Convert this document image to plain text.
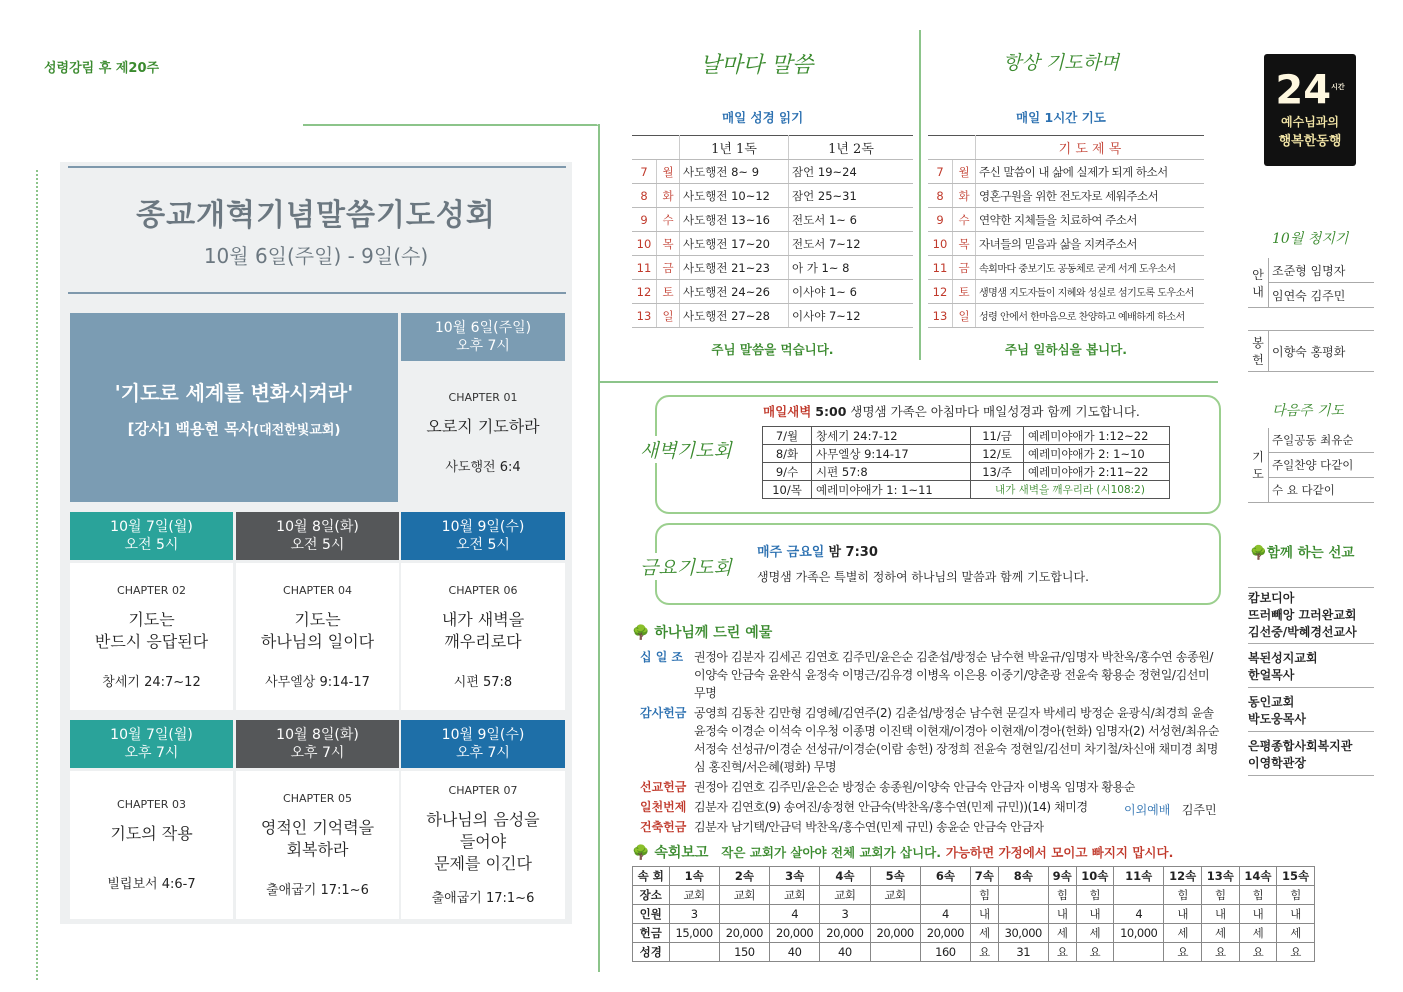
성령강림 후 제20주
종교개혁기념말씀기도성회
10월 6일(주일) - 9일(수)
'기도로 세계를 변화시켜라'
[강사] 백용현 목사(대전한빛교회)
10월 6일(주일)
오후 7시
CHAPTER 01
오로지 기도하라
사도행전 6:4
10월 7일(월)
오전 5시
10월 8일(화)
오전 5시
10월 9일(수)
오전 5시
CHAPTER 02
기도는
반드시 응답된다
창세기 24:7~12
CHAPTER 04
기도는
하나님의 일이다
사무엘상 9:14-17
CHAPTER 06
내가 새벽을
깨우리로다
시편 57:8
10월 7일(월)
오후 7시
10월 8일(화)
오후 7시
10월 9일(수)
오후 7시
CHAPTER 03
기도의 작용
빌립보서 4:6-7
CHAPTER 05
영적인 기억력을
회복하라
출애굽기 17:1~6
CHAPTER 07
하나님의 음성을
들어야
문제를 이긴다
출애굽기 17:1~6
날마다 말씀
매일 성경 읽기
		1년 1독	1년 2독
7	월	사도행전 8~ 9	잠언 19~24
8	화	사도행전 10~12	잠언 25~31
9	수	사도행전 13~16	전도서 1~ 6
10	목	사도행전 17~20	전도서 7~12
11	금	사도행전 21~23	아 가 1~ 8
12	토	사도행전 24~26	이사야 1~ 6
13	일	사도행전 27~28	이사야 7~12
주님 말씀을 먹습니다.
항상 기도하며
매일 1시간 기도
		기 도 제 목
7	월	주신 말씀이 내 삶에 실제가 되게 하소서
8	화	영혼구원을 위한 전도자로 세워주소서
9	수	연약한 지체들을 치료하여 주소서
10	목	자녀들의 믿음과 삶을 지켜주소서
11	금	속회마다 중보기도 공동체로 굳게 서게 도우소서
12	토	생명샘 지도자들이 지혜와 성실로 섬기도록 도우소서
13	일	성령 안에서 한마음으로 찬양하고 예배하게 하소서
주님 일하심을 봅니다.
새벽기도회
매일새벽 5:00 생명샘 가족은 아침마다 매일성경과 함께 기도합니다.
7/월	창세기 24:7-12	11/금	예레미야애가 1:12~22
8/화	사무엘상 9:14-17	12/토	예레미야애가 2: 1~10
9/수	시편 57:8	13/주	예레미야애가 2:11~22
10/목	예레미야애가 1: 1~11	내가 새벽을 깨우리라 (시108:2)	
금요기도회
매주 금요일 밤 7:30
생명샘 가족은 특별히 정하여 하나님의 말씀과 함께 기도합니다.
🌳 하나님께 드린 예물
십 일 조 권정아 김분자 김세곤 김연호 김주민/윤은순 김춘섭/방정순 남수현 박윤규/임명자 박찬옥/홍수연 송종원/이양숙 안금숙 윤완식 윤정숙 이명근/김유경 이병옥 이은용 이중기/양춘광 전윤숙 황용순 정현일/김선미 무명
감사헌금 공영희 김동찬 김만형 김영혜/김연주(2) 김춘섭/방정순 남수현 문길자 박세리 방정순 윤광식/최경희 윤솔 윤정숙 이경순 이석숙 이우청 이종명 이진택 이현재/이경아 이현재/이경아(헌화) 임명자(2) 서성현/최유순 서정숙 선성규/이경순 선성규/이경순(이람 송헌) 장정희 전윤숙 정현일/김선미 차기철/차신애 채미경 최명심 홍진혁/서은혜(평화) 무명
선교헌금 권정아 김연호 김주민/윤은순 방정순 송종원/이양숙 안금숙 안금자 이병옥 임명자 황용순
일천번제 김분자 김연호(9) 송여진/송정현 안금숙(박찬옥/홍수연(민제 규민))(14) 채미경
건축헌금 김분자 남기택/안금덕 박찬옥/홍수연(민제 규민) 송윤순 안금숙 안금자
이외예배 김주민
🌳 속회보고 작은 교회가 살아야 전체 교회가 삽니다. 가능하면 가정에서 모이고 빠지지 맙시다.
속 회	1속	2속	3속	4속	5속	6속	7속	8속	9속	10속	11속	12속	13속	14속	15속
장소	교회	교회	교회	교회	교회		힘		힘	힘		힘	힘	힘	힘
인원	3		4	3		4	내		내	내	4	내	내	내	내
헌금	15,000	20,000	20,000	20,000	20,000	20,000	세	30,000	세	세	10,000	세	세	세	세
성경		150	40	40		160	요	31	요	요		요	요	요	요
$24^{시간}$
예수님과의
행복한동행
10월 청지기
안
내	조준형 임명자
임연숙 김주민
봉
헌	이향숙 홍평화
다음주 기도
기
도	주일공동 최유순
주일찬양 다같이
수 요 다같이
🌳함께 하는 선교
캄보디아
뜨러빼앙 끄러완교회
김선중/박혜경선교사
복된성지교회
한얼목사
동인교회
박도웅목사
은평종합사회복지관
이영학관장
